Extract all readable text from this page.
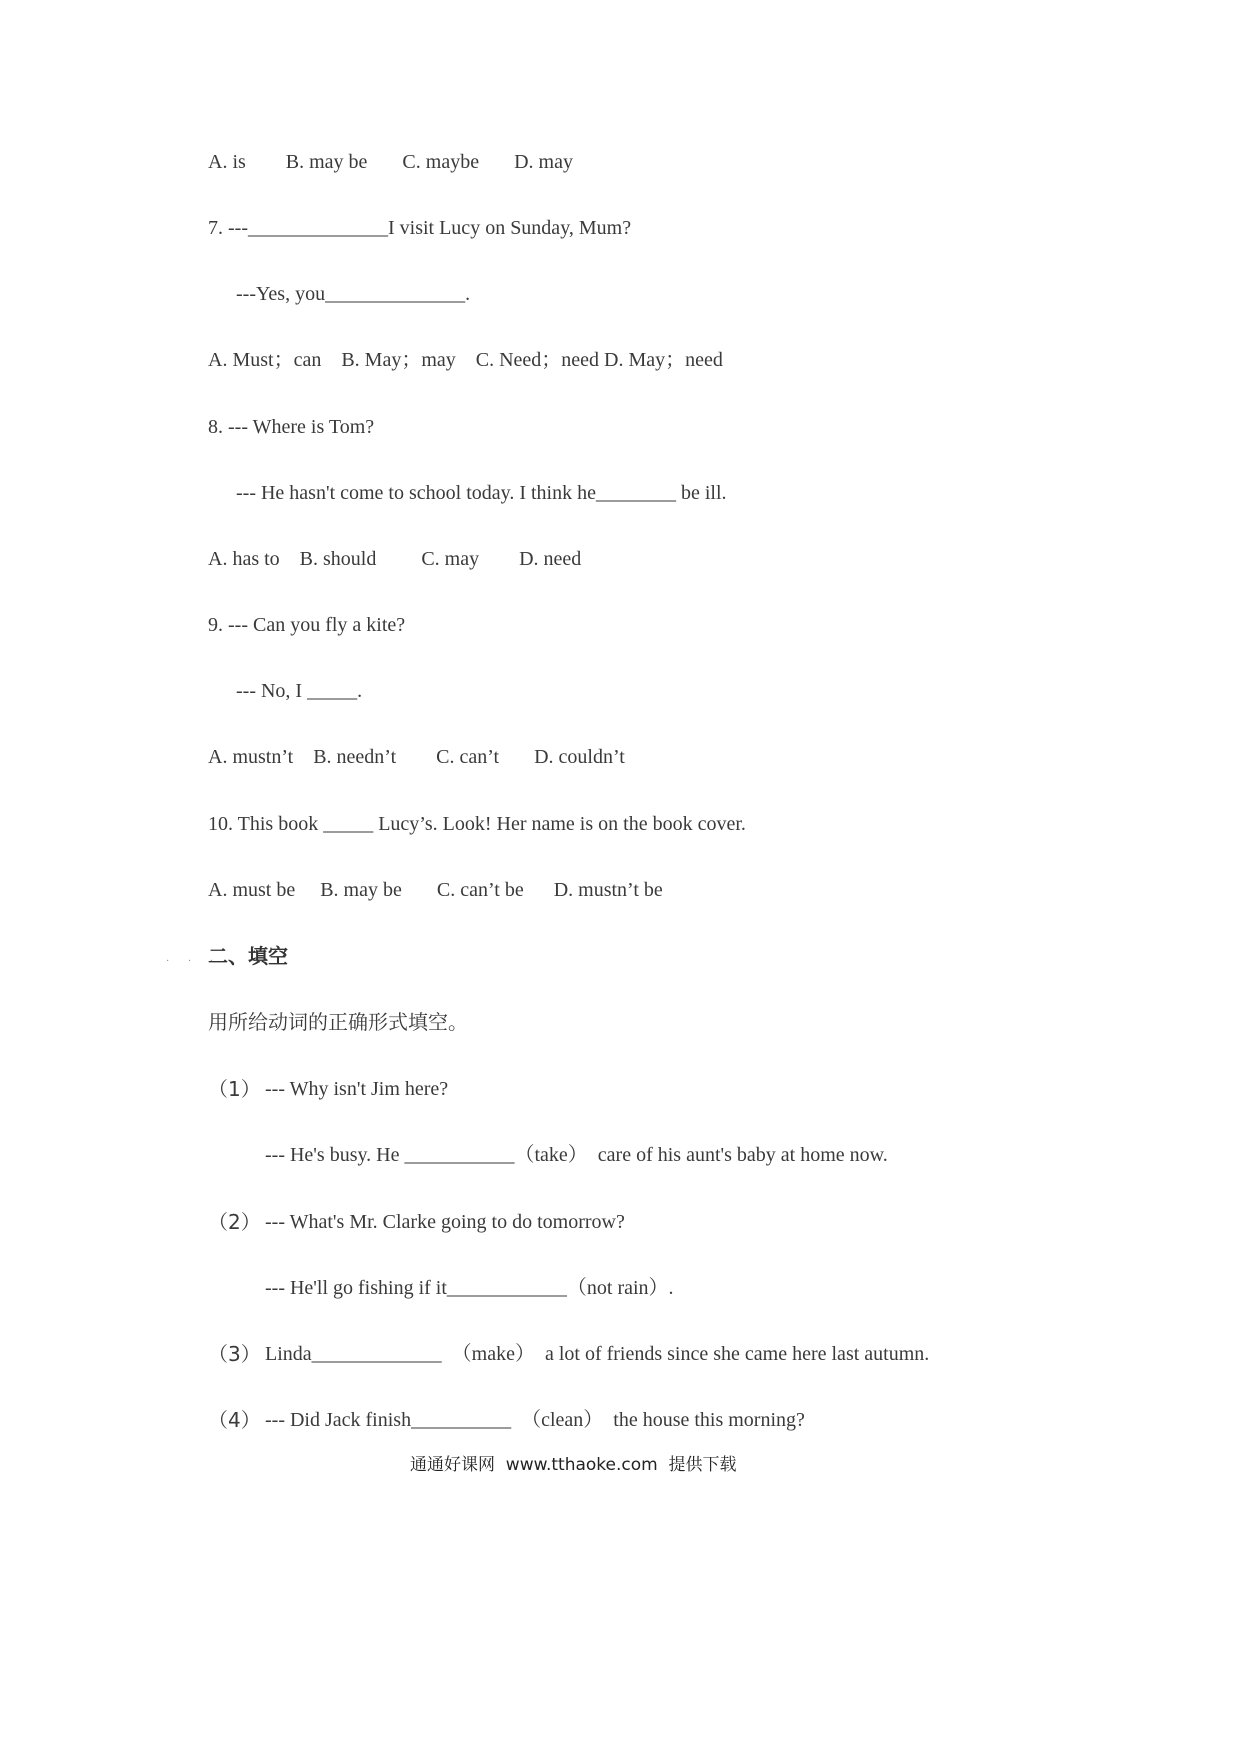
A. is        B. may be       C. maybe       D. may
7. ---______________I visit Lucy on Sunday, Mum?
---Yes, you______________.
A. Must；can    B. May；may    C. Need；need D. May；need
8. --- Where is Tom?
--- He hasn't come to school today. I think he________ be ill.
A. has to    B. should         C. may        D. need
9. --- Can you fly a kite?
--- No, I _____.
A. mustn’t    B. needn’t        C. can’t       D. couldn’t
10. This book _____ Lucy’s. Look! Her name is on the book cover.
A. must be     B. may be       C. can’t be      D. mustn’t be
· · ·
二、填空
用所给动词的正确形式填空。
（1） --- Why isn't Jim here?
--- He's busy. He ___________（take）  care of his aunt's baby at home now.
（2） --- What's Mr. Clarke going to do tomorrow?
--- He'll go fishing if it____________（not rain）.
（3） Linda_____________  （make）  a lot of friends since she came here last autumn.
（4） --- Did Jack finish__________  （clean）  the house this morning?
通通好课网  www.tthaoke.com  提供下载
